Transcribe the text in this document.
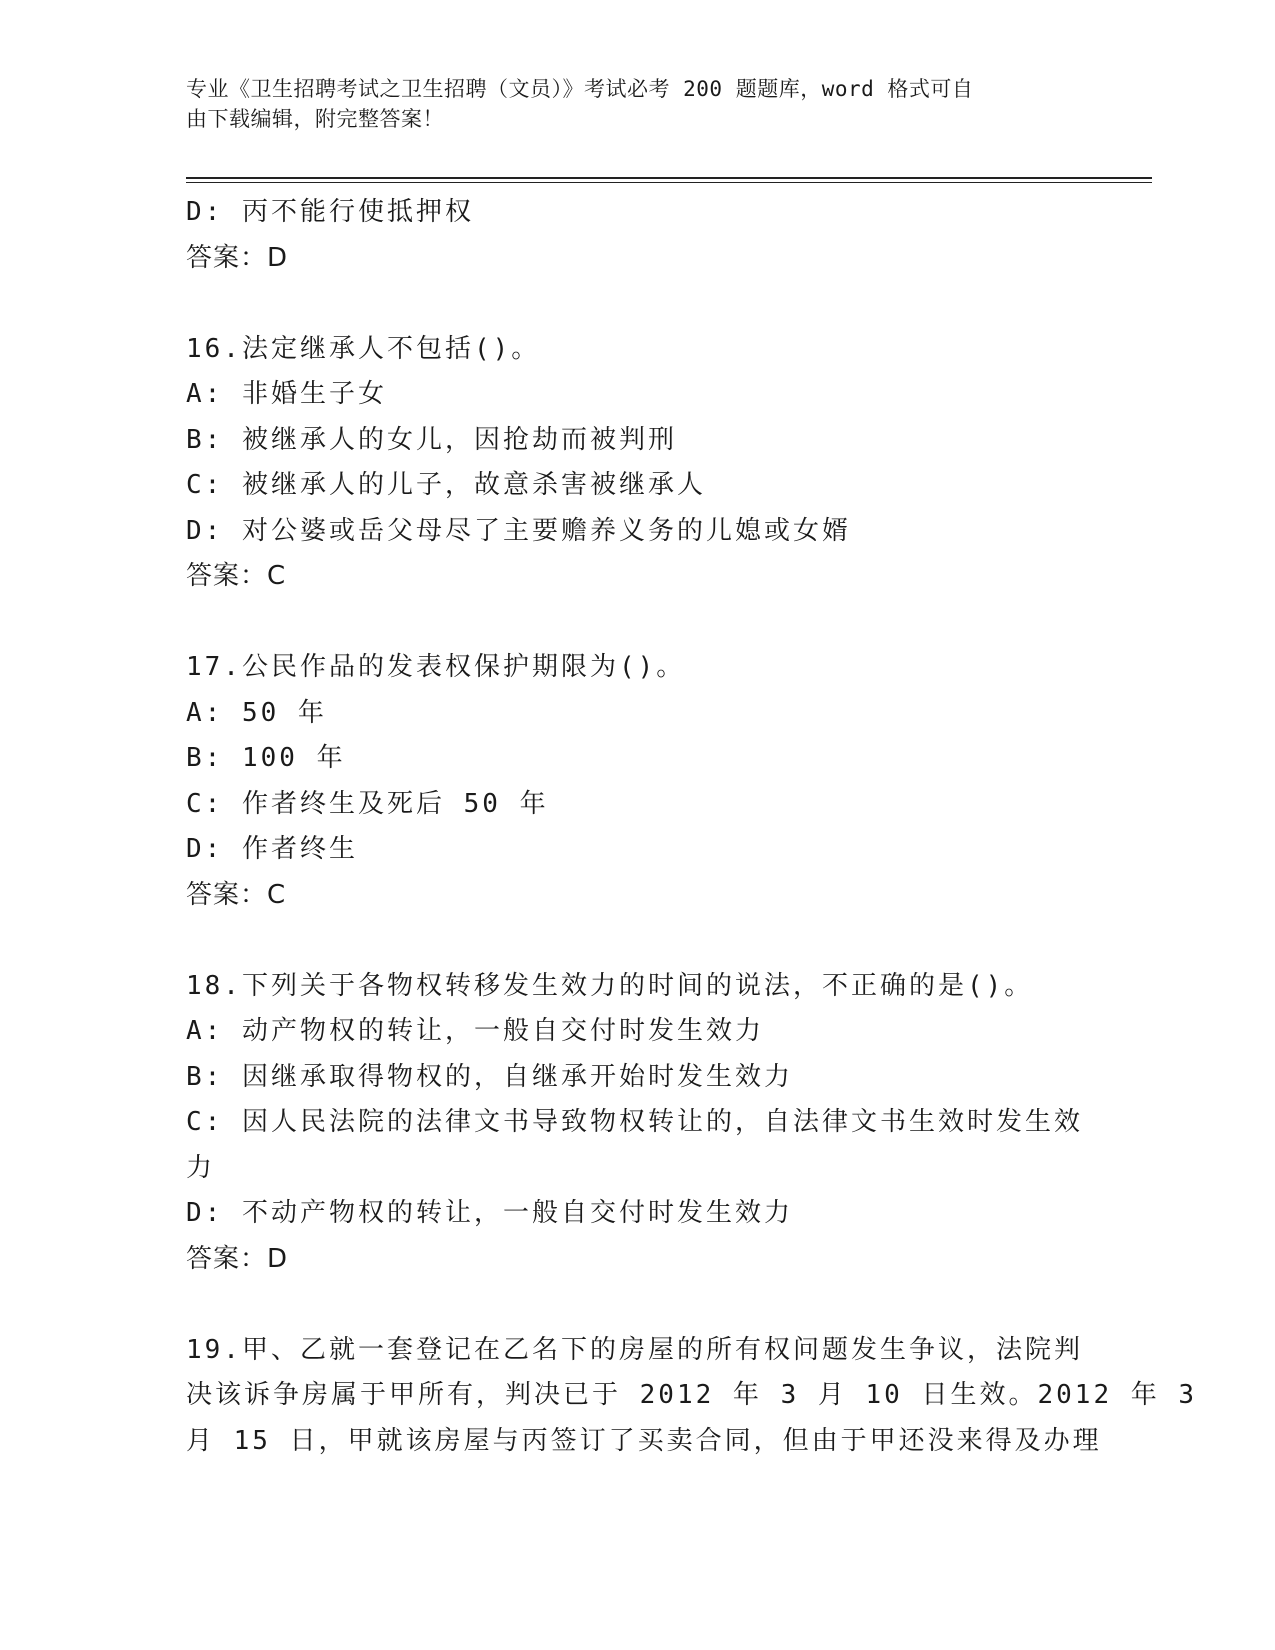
专业《卫生招聘考试之卫生招聘（文员）》考试必考 200 题题库，word 格式可自
由下载编辑，附完整答案！
D: 丙不能行使抵押权
答案：D
16.法定继承人不包括()。
A: 非婚生子女
B: 被继承人的女儿，因抢劫而被判刑
C: 被继承人的儿子，故意杀害被继承人
D: 对公婆或岳父母尽了主要赡养义务的儿媳或女婿
答案：C
17.公民作品的发表权保护期限为()。
A: 50 年
B: 100 年
C: 作者终生及死后 50 年
D: 作者终生
答案：C
18.下列关于各物权转移发生效力的时间的说法，不正确的是()。
A: 动产物权的转让，一般自交付时发生效力
B: 因继承取得物权的，自继承开始时发生效力
C: 因人民法院的法律文书导致物权转让的，自法律文书生效时发生效
力
D: 不动产物权的转让，一般自交付时发生效力
答案：D
19.甲、乙就一套登记在乙名下的房屋的所有权问题发生争议，法院判
决该诉争房属于甲所有，判决已于 2012 年 3 月 10 日生效。2012 年 3
月 15 日，甲就该房屋与丙签订了买卖合同，但由于甲还没来得及办理
